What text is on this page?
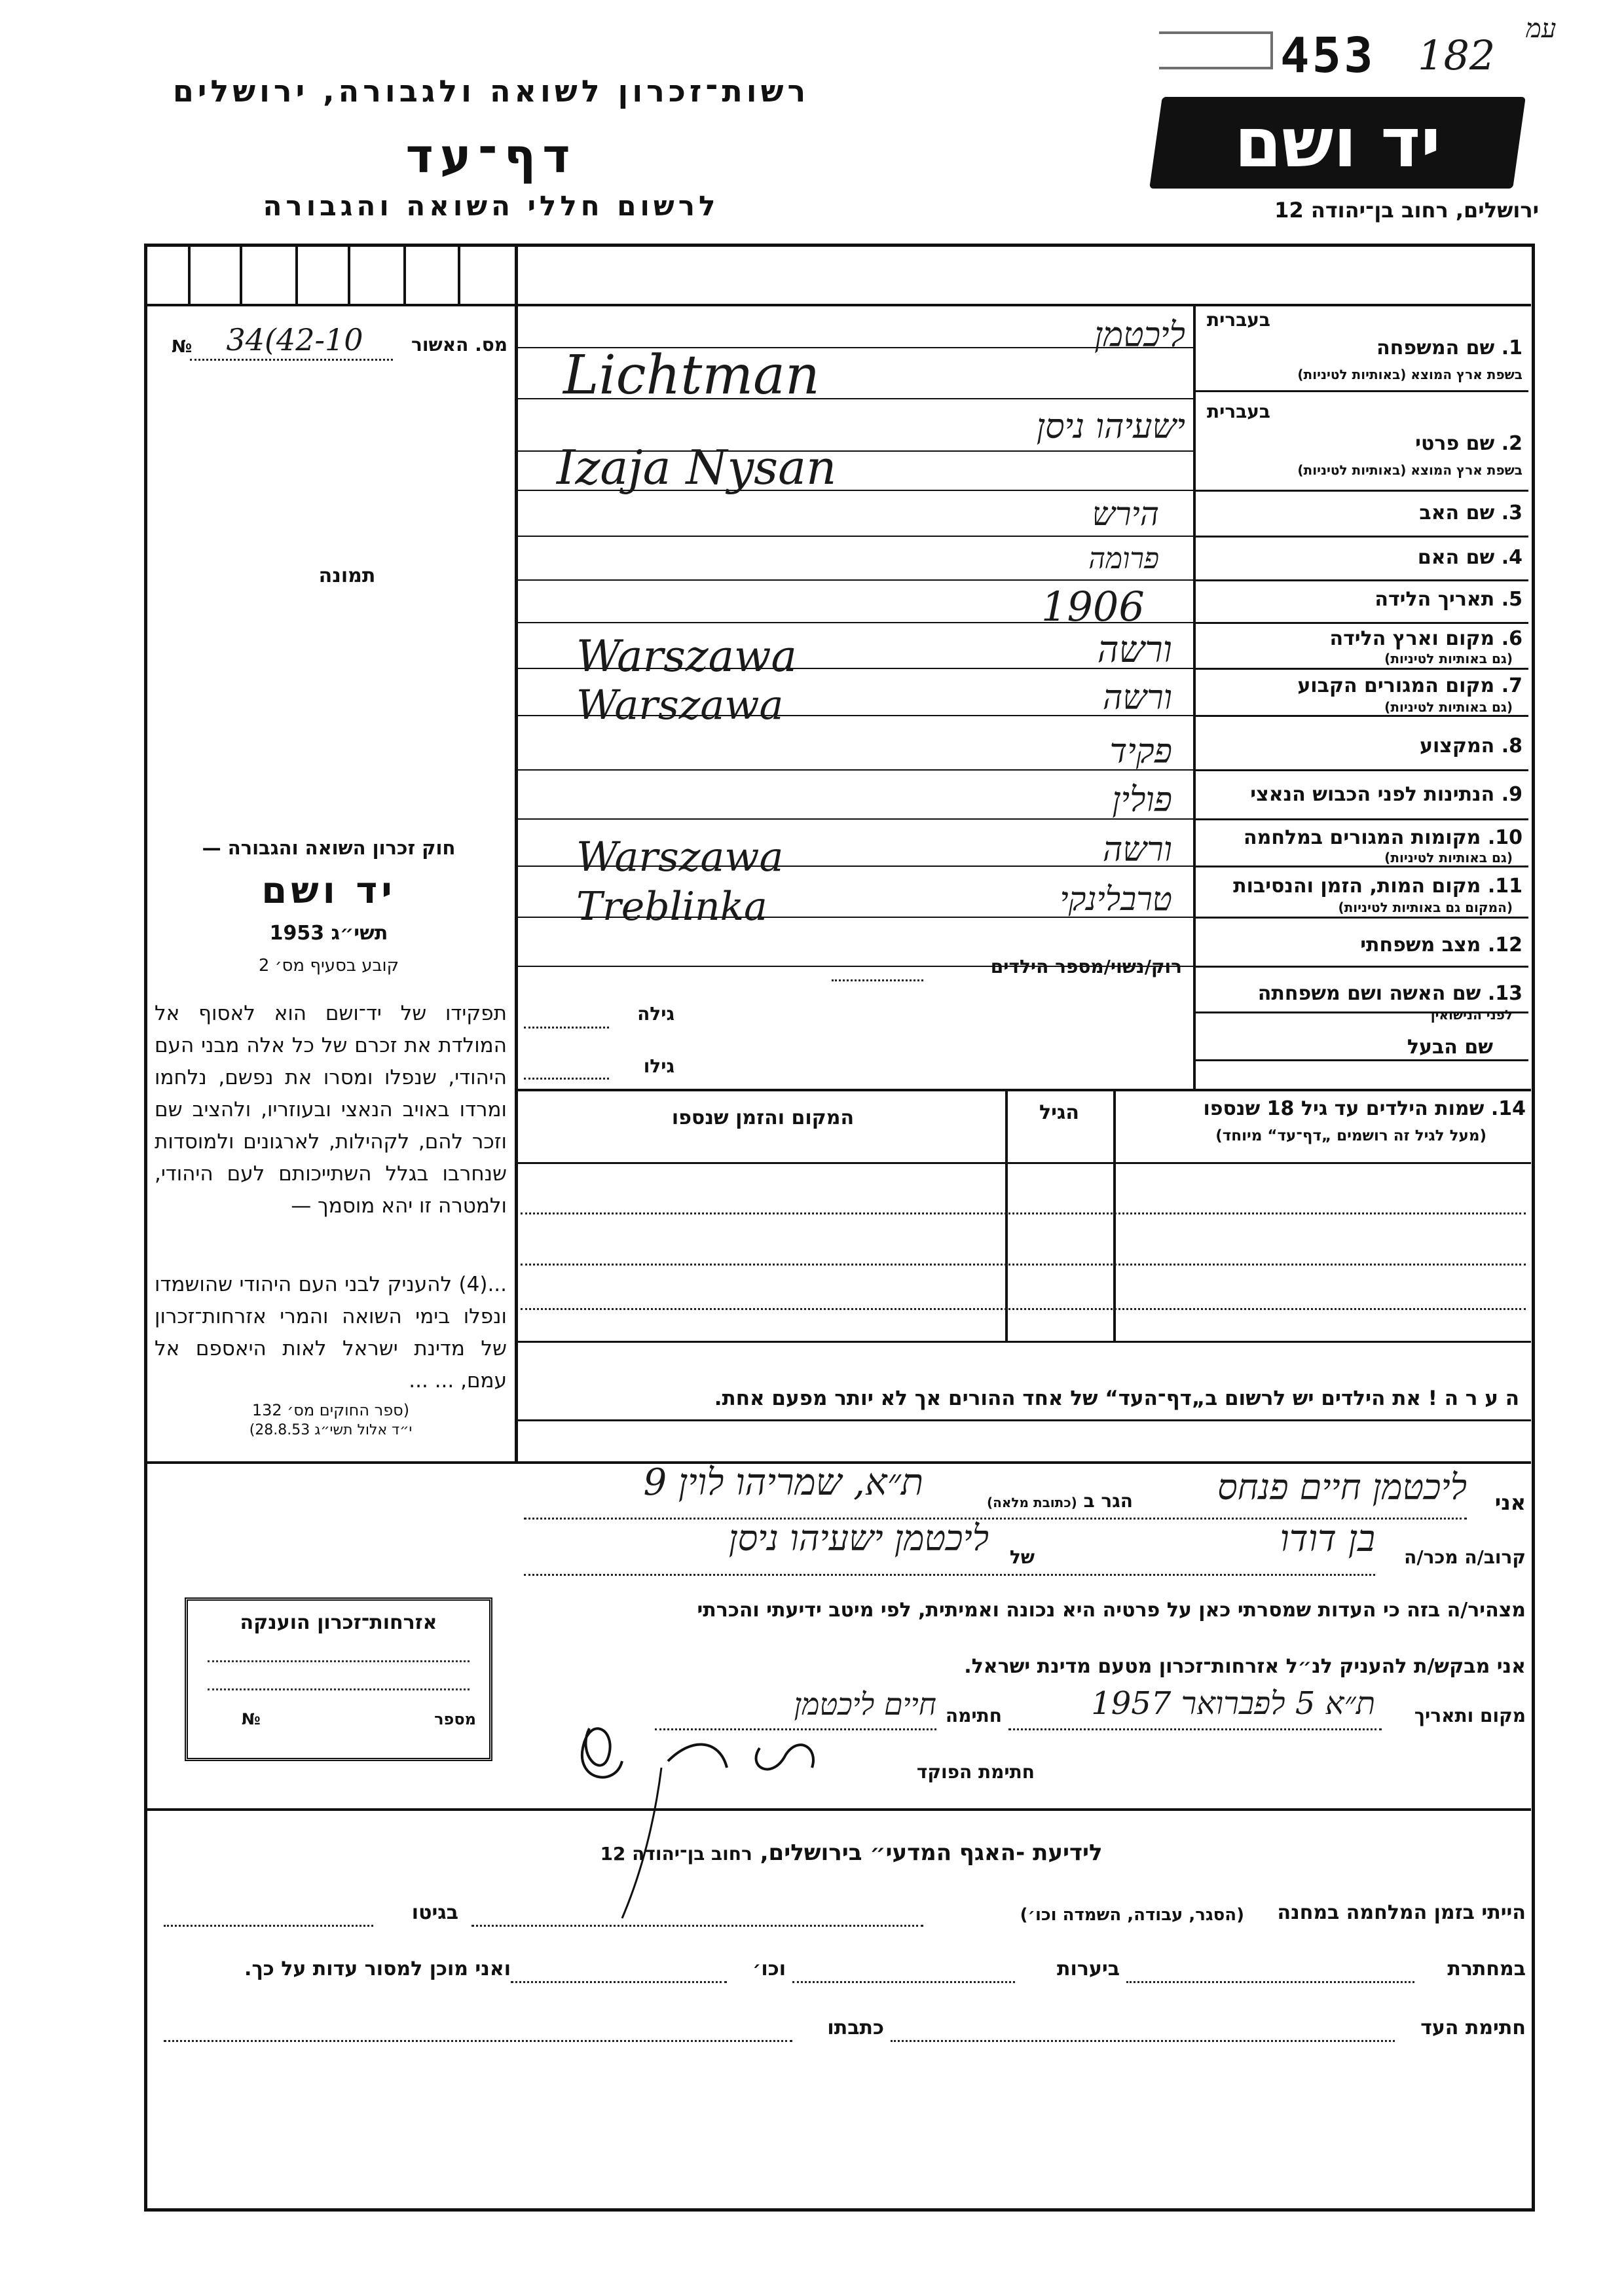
רשות־זכרון לשואה ולגבורה, ירושלים
דף־עד
לרשום חללי השואה והגבורה
453 182
עמ
יד ושם
ירושלים, רחוב בן־יהודה 12
מס. האשור
34(42-10
№
תמונה
חוק זכרון השואה והגבורה —
יד ושם
תשי״ג 1953
קובע בסעיף מס׳ 2
תפקידו של יד־ושם הוא לאסוף אל המולדת את זכרם של כל אלה מבני העם היהודי, שנפלו ומסרו את נפשם, נלחמו ומרדו באויב הנאצי ובעוזריו, ולהציב שם וזכר להם, לקהילות, לארגונים ולמוסדות שנחרבו בגלל השתייכותם לעם היהודי, ולמטרה זו יהא מוסמך —
...(4) להעניק לבני העם היהודי שהושמדו ונפלו בימי השואה והמרי אזרחות־זכרון של מדינת ישראל לאות היאספם אל עמם, ... ...
(ספר החוקים מס׳ 132
י״ד אלול תשי״ג 28.8.53)
אזרחות־זכרון הוענקה
מספר  №
בעברית
1. שם המשפחה
בשפת ארץ המוצא (באותיות לטיניות)
ליכטמן
Lichtman
בעברית
2. שם פרטי
בשפת ארץ המוצא (באותיות לטיניות)
ישעיהו ניסן
Izaja Nysan
3. שם האב
הירש
4. שם האם
פרומה
5. תאריך הלידה
1906
6. מקום וארץ הלידה
(גם באותיות לטיניות)
ורשה
Warszawa
7. מקום המגורים הקבוע
(גם באותיות לטיניות)
ורשה
Warszawa
8. המקצוע
פקיד
9. הנתינות לפני הכבוש הנאצי
פולין
10. מקומות המגורים במלחמה
(גם באותיות לטיניות)
ורשה
Warszawa
11. מקום המות, הזמן והנסיבות
(המקום גם באותיות לטיניות)
טרבלינקי
Treblinka
12. מצב משפחתי
רוק/נשוי/מספר הילדים
13. שם האשה ושם משפחתה
לפני הנישואין
גילה
שם הבעל
גילו
14. שמות הילדים עד גיל 18 שנספו
(מעל לגיל זה רושמים „דף־עד“ מיוחד)
הגיל
המקום והזמן שנספו
ה ע ר ה ! את הילדים יש לרשום ב„דף־העד“ של אחד ההורים אך לא יותר מפעם אחת.
אני
ליכטמן חיים פנחס
הגר ב (כתובת מלאה)
ת״א, שמריהו לוין 9
קרוב/ה מכר/ה
בן דודו
של
ליכטמן ישעיהו ניסן
מצהיר/ה בזה כי העדות שמסרתי כאן על פרטיה היא נכונה ואמיתית, לפי מיטב ידיעתי והכרתי
אני מבקש/ת להעניק לנ״ל אזרחות־זכרון מטעם מדינת ישראל.
מקום ותאריך
ת״א 5 לפברואר 1957
חתימה
חיים ליכטמן
חתימת הפוקד
לידיעת -האגף המדעי״ בירושלים, רחוב בן־יהודה 12
הייתי בזמן המלחמה במחנה
(הסגר, עבודה, השמדה וכו׳)
בגיטו
במחתרת
ביערות
וכו׳
ואני מוכן למסור עדות על כך.
חתימת העד
כתבתו
